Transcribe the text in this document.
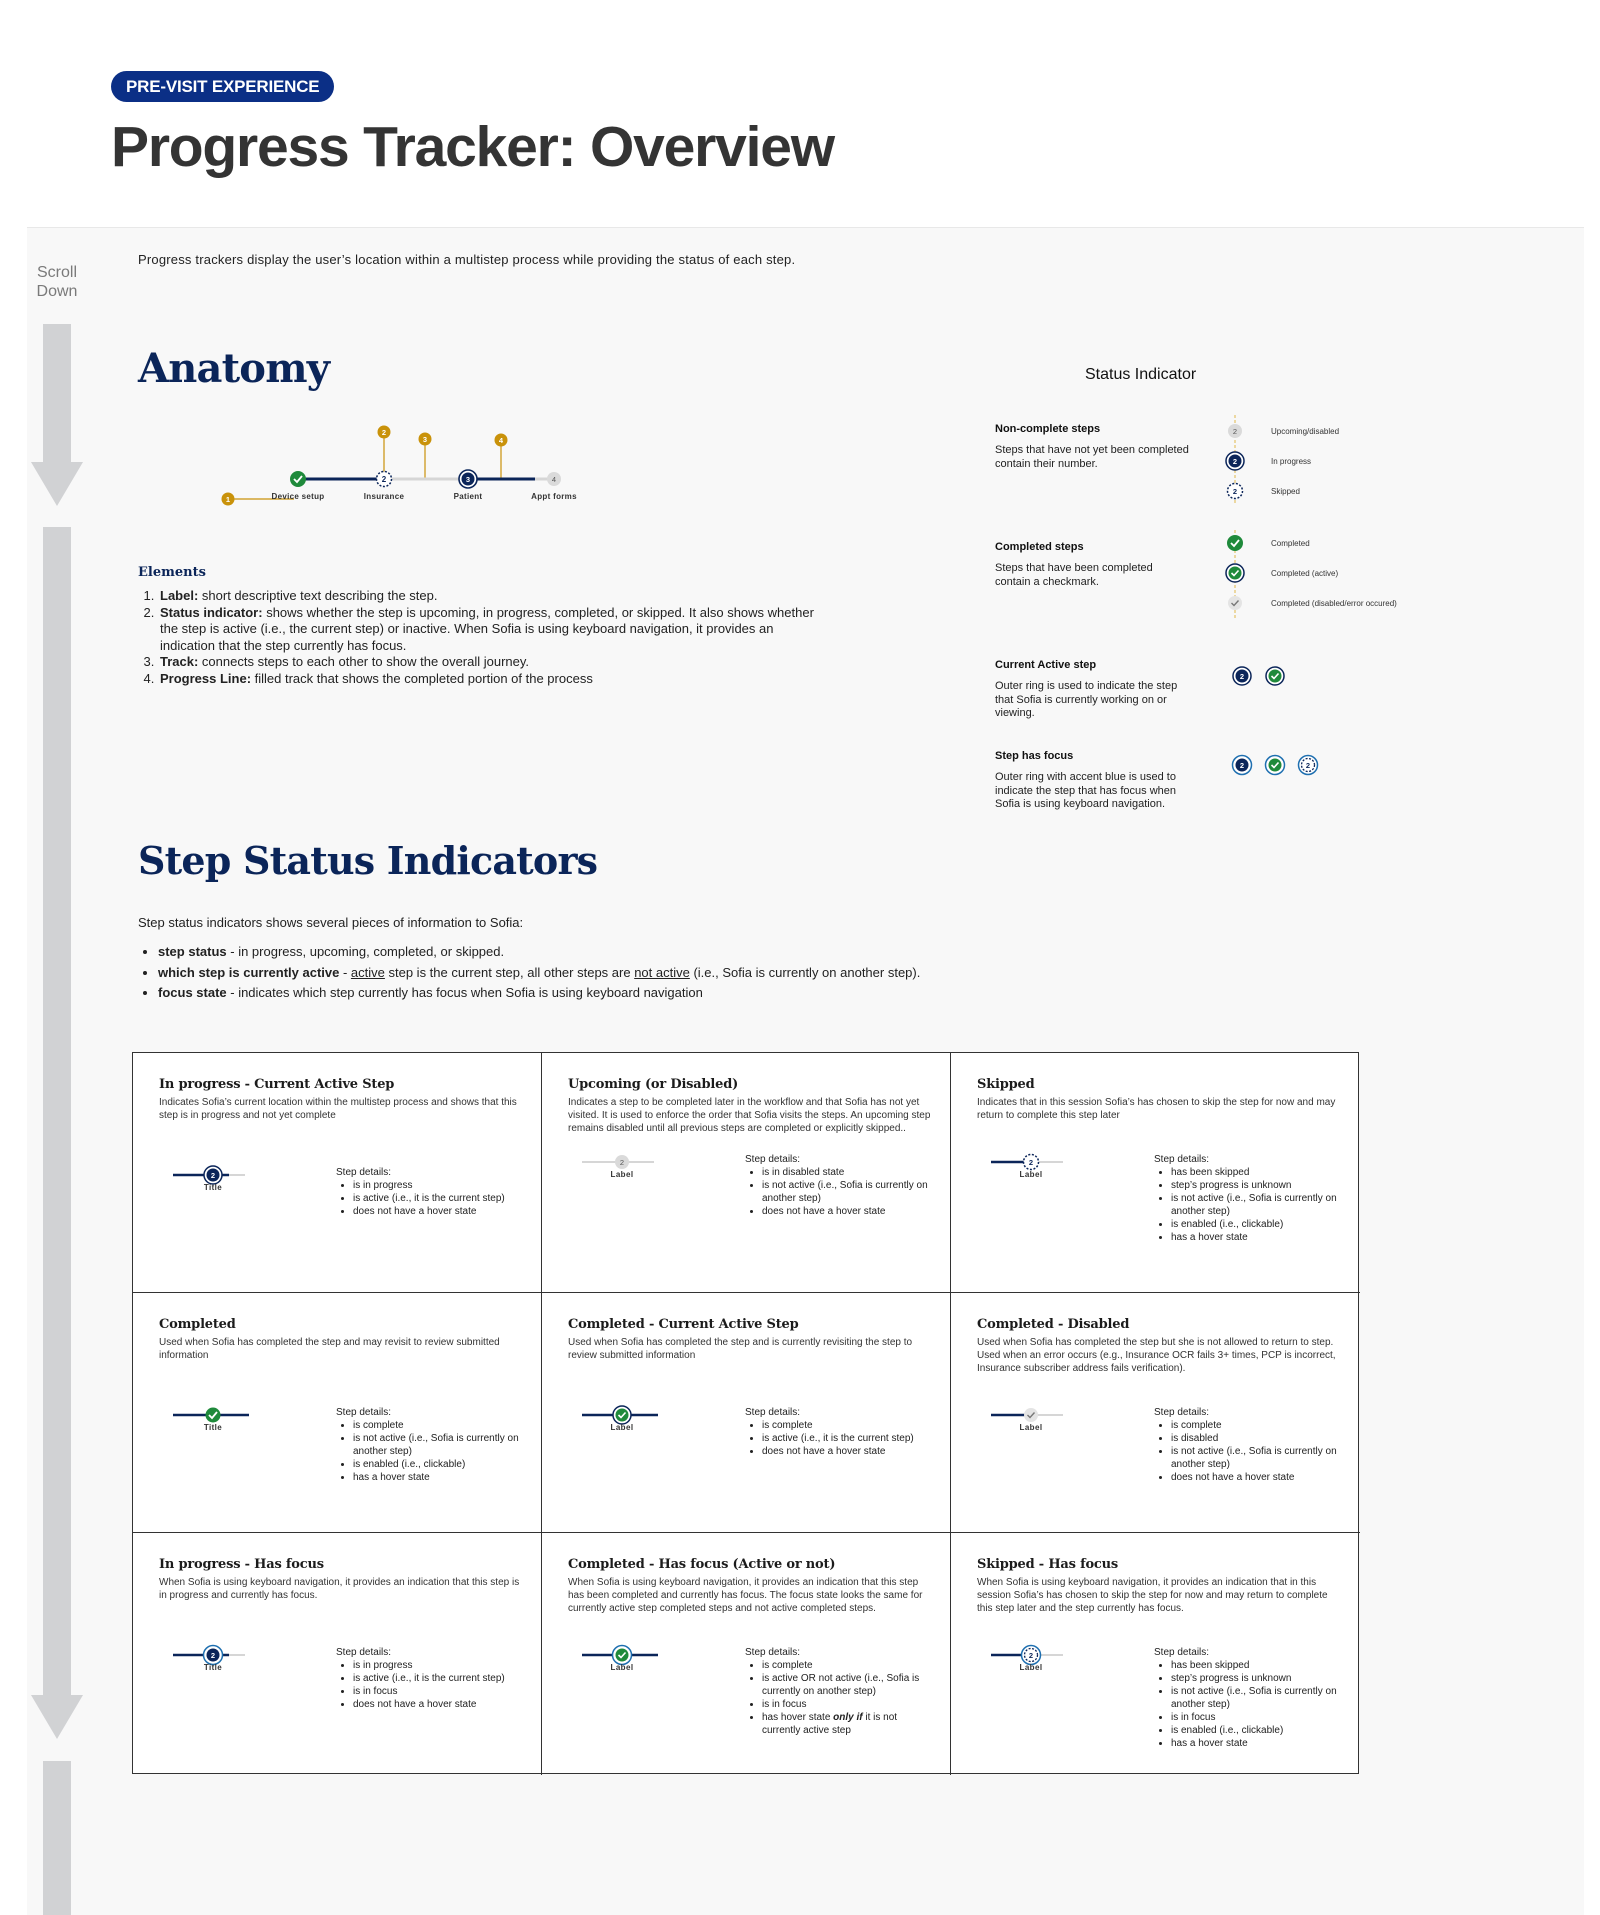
PRE-VISIT EXPERIENCE
Progress Tracker: Overview
Scroll
Down

Progress trackers display the user’s location within a multistep process while providing the status of each step.

Anatomy
2	3	4
1
2
3	4
Device setup	Insurance	Patient	Appt forms
Elements
1. Label: short descriptive text describing the step.
2. Status indicator: shows whether the step is upcoming, in progress, completed, or skipped. It also shows whether the step is active (i.e., the current step) or inactive. When Sofia is using keyboard navigation, it provides an indication that the step currently has focus.
3. Track: connects steps to each other to show the overall journey.
4. Progress Line: filled track that shows the completed portion of the process
Status Indicator
Non-complete steps
Steps that have not yet been completed contain their number.
Completed steps
Steps that have been completed contain a checkmark.
Current Active step
Outer ring is used to indicate the step that Sofia is currently working on or viewing.
Step has focus
Outer ring with accent blue is used to indicate the step that has focus when Sofia is using keyboard navigation.
2
2
2
Upcoming/disabled
In progress
Skipped
Completed
Completed (active)
Completed (disabled/error occured)
2
2	2
Step Status Indicators

Step status indicators shows several pieces of information to Sofia:

• step status - in progress, upcoming, completed, or skipped.
• which step is currently active - active step is the current step, all other steps are not active (i.e., Sofia is currently on another step).
• focus state - indicates which step currently has focus when Sofia is using keyboard navigation
In progress - Current Active Step
Indicates Sofia’s current location within the multistep process and shows that this step is in progress and not yet complete
2
Title
Step details:
• is in progress
• is active (i.e., it is the current step)
• does not have a hover state
Upcoming (or Disabled)
Indicates a step to be completed later in the workflow and that Sofia has not yet visited. It is used to enforce the order that Sofia visits the steps. An upcoming step remains disabled until all previous steps are completed or explicitly skipped..
2
Label
Step details:
• is in disabled state
• is not active (i.e., Sofia is currently on another step)
• does not have a hover state
Skipped
Indicates that in this session Sofia’s has chosen to skip the step for now and may return to complete this step later
2
Label
Step details:
• has been skipped
• step’s progress is unknown
• is not active (i.e., Sofia is currently on another step)
• is enabled (i.e., clickable)
• has a hover state
Completed
Used when Sofia has completed the step and may revisit to review submitted information
Title
Step details:
• is complete
• is not active (i.e., Sofia is currently on another step)
• is enabled (i.e., clickable)
• has a hover state
Completed - Current Active Step
Used when Sofia has completed the step and is currently revisiting the step to review submitted information
Label
Step details:
• is complete
• is active (i.e., it is the current step)
• does not have a hover state
Completed - Disabled
Used when Sofia has completed the step but she is not allowed to return to step. Used when an error occurs (e.g., Insurance OCR fails 3+ times, PCP is incorrect, Insurance subscriber address fails verification).
Label
Step details:
• is complete
• is disabled
• is not active (i.e., Sofia is currently on another step)
• does not have a hover state
In progress - Has focus
When Sofia is using keyboard navigation, it provides an indication that this step is in progress and currently has focus.
2
Title
Step details:
• is in progress
• is active (i.e., it is the current step)
• is in focus
• does not have a hover state
Completed - Has focus (Active or not)
When Sofia is using keyboard navigation, it provides an indication that this step has been completed and currently has focus. The focus state looks the same for currently active step completed steps and not active completed steps.
Label
Step details:
• is complete
• is active OR not active (i.e., Sofia is currently on another step)
• is in focus
• has hover state only if it is not currently active step
Skipped - Has focus
When Sofia is using keyboard navigation, it provides an indication that in this session Sofia’s has chosen to skip the step for now and may return to complete this step later and the step currently has focus.
2
Label
Step details:
• has been skipped
• step’s progress is unknown
• is not active (i.e., Sofia is currently on another step)
• is in focus
• is enabled (i.e., clickable)
• has a hover state
